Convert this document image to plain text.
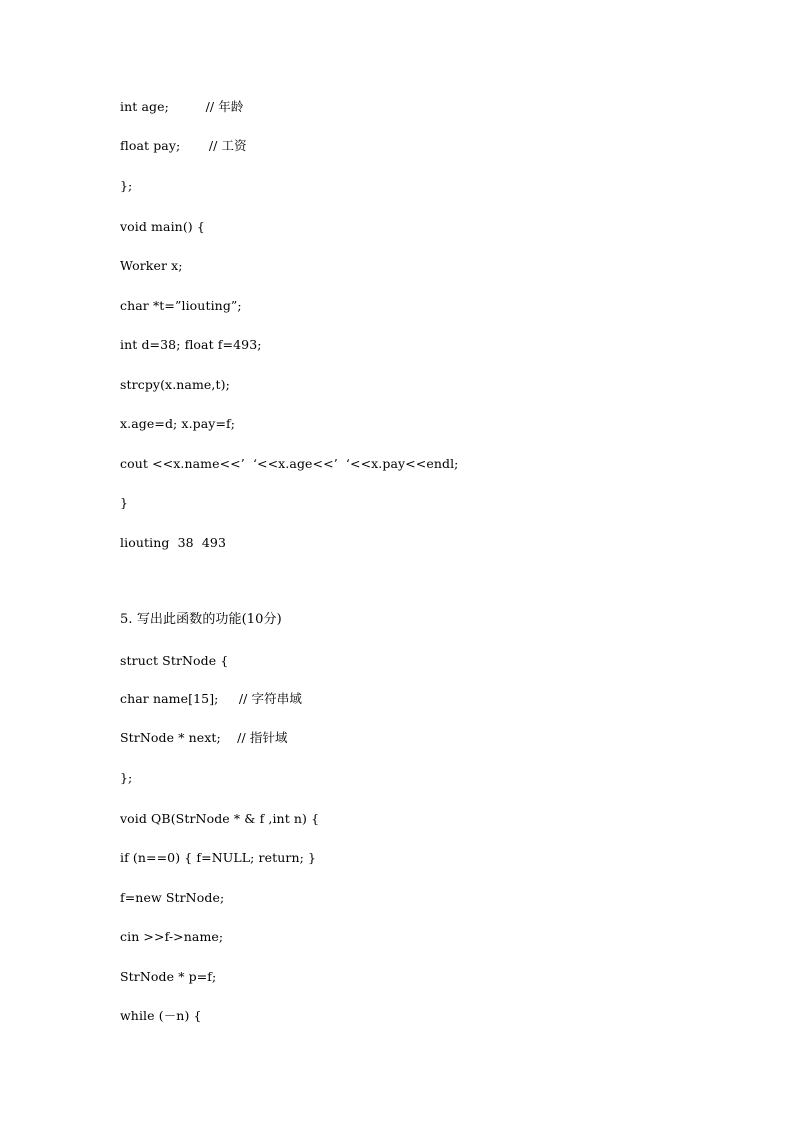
int age;         // 年龄
float pay;       // 工资
};
void main() {
Worker x;
char *t=”liouting”;
int d=38; float f=493;
strcpy(x.name,t);
x.age=d; x.pay=f;
cout <<x.name<<’  ‘<<x.age<<’  ‘<<x.pay<<endl;
}
liouting  38  493
5. 写出此函数的功能(10分)
struct StrNode {
char name[15];     // 字符串域
StrNode * next;    // 指针域
};
void QB(StrNode * & f ,int n) {
if (n==0) { f=NULL; return; }
f=new StrNode;
cin >>f->name;
StrNode * p=f;
while (－n) {
